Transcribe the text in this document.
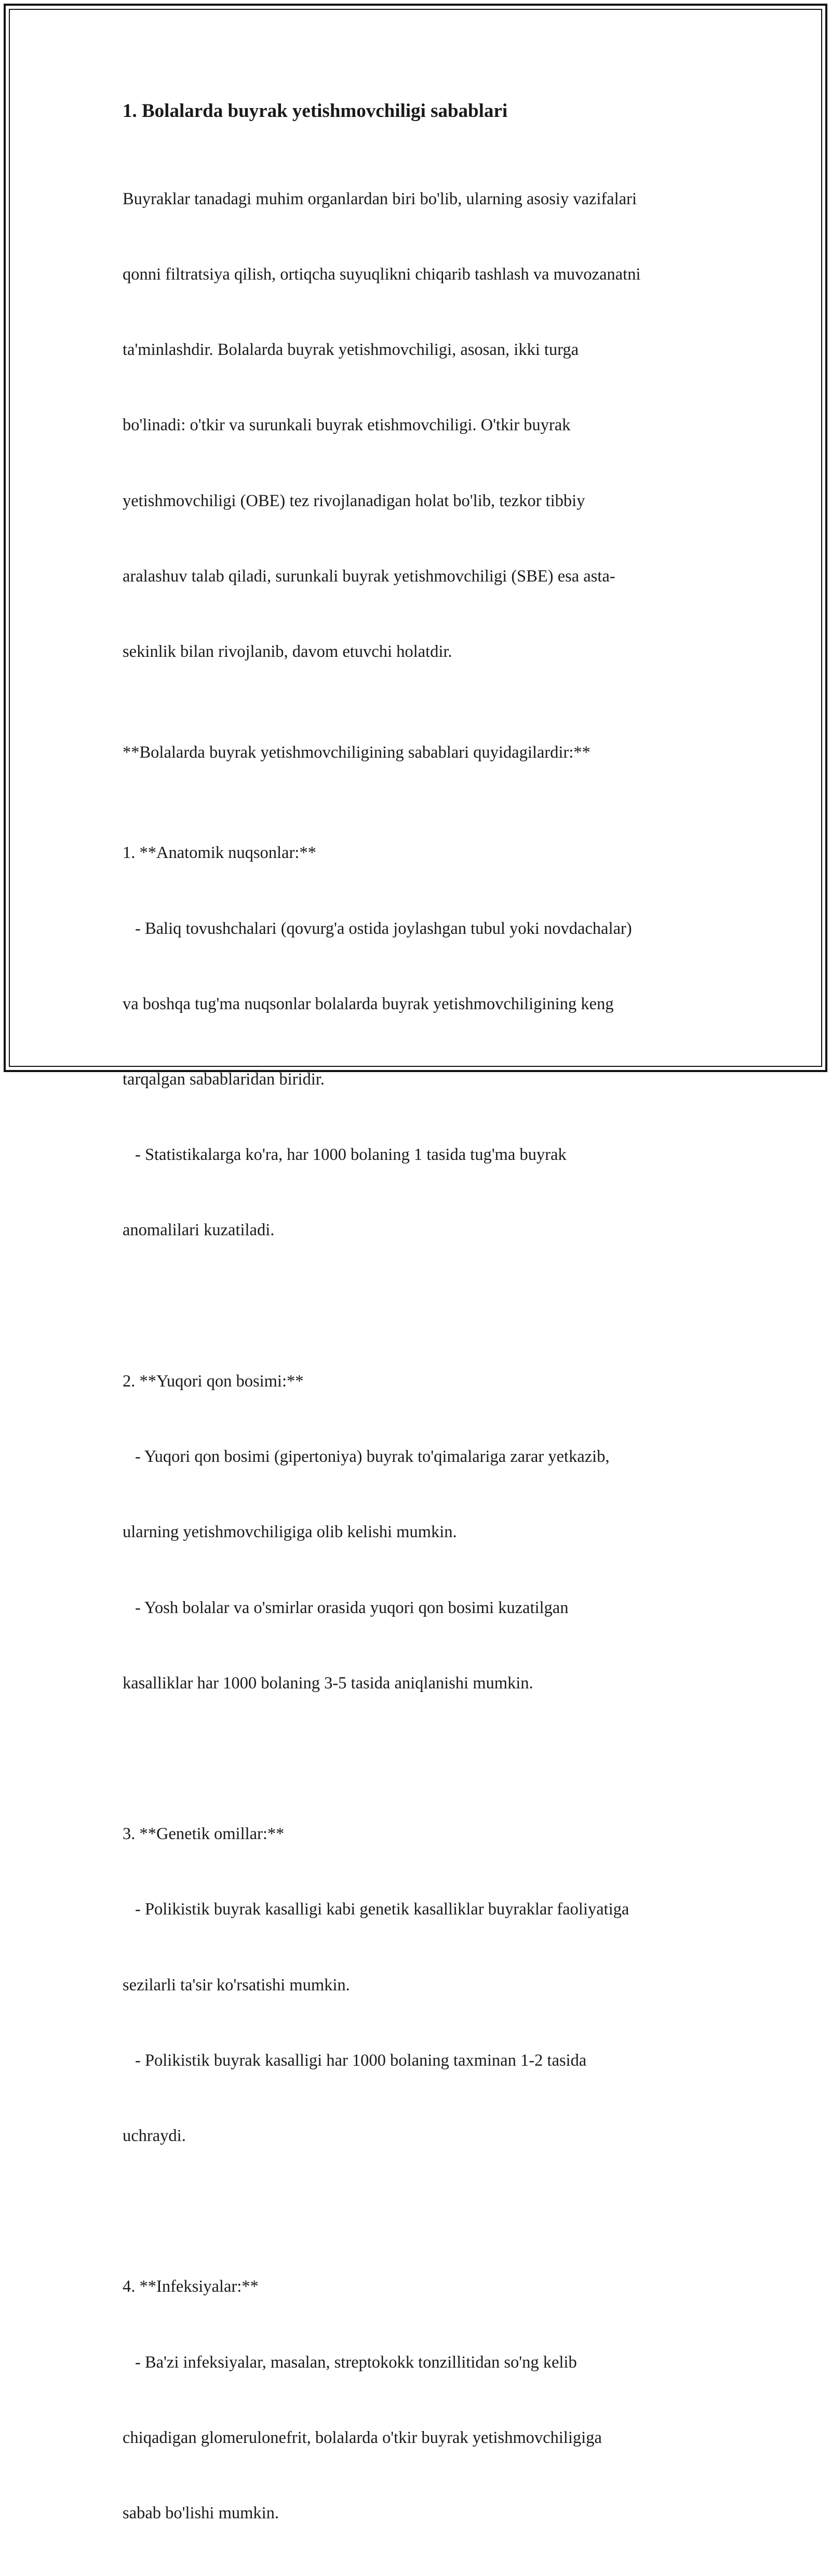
1. Bolalarda buyrak yetishmovchiligi sabablari

Buyraklar tanadagi muhim organlardan biri bo'lib, ularning asosiy vazifalari

qonni filtratsiya qilish, ortiqcha suyuqlikni chiqarib tashlash va muvozanatni

ta'minlashdir. Bolalarda buyrak yetishmovchiligi, asosan, ikki turga

bo'linadi: o'tkir va surunkali buyrak etishmovchiligi. O'tkir buyrak

yetishmovchiligi (OBE) tez rivojlanadigan holat bo'lib, tezkor tibbiy

aralashuv talab qiladi, surunkali buyrak yetishmovchiligi (SBE) esa asta-

sekinlik bilan rivojlanib, davom etuvchi holatdir.

**Bolalarda buyrak yetishmovchiligining sabablari quyidagilardir:**

1. **Anatomik nuqsonlar:**

- Baliq tovushchalari (qovurg'a ostida joylashgan tubul yoki novdachalar)

va boshqa tug'ma nuqsonlar bolalarda buyrak yetishmovchiligining keng

tarqalgan sabablaridan biridir.

- Statistikalarga ko'ra, har 1000 bolaning 1 tasida tug'ma buyrak

anomalilari kuzatiladi.

2. **Yuqori qon bosimi:**

- Yuqori qon bosimi (gipertoniya) buyrak to'qimalariga zarar yetkazib,

ularning yetishmovchiligiga olib kelishi mumkin.

- Yosh bolalar va o'smirlar orasida yuqori qon bosimi kuzatilgan

kasalliklar har 1000 bolaning 3-5 tasida aniqlanishi mumkin.

3. **Genetik omillar:**

- Polikistik buyrak kasalligi kabi genetik kasalliklar buyraklar faoliyatiga

sezilarli ta'sir ko'rsatishi mumkin.

- Polikistik buyrak kasalligi har 1000 bolaning taxminan 1-2 tasida

uchraydi.

4. **Infeksiyalar:**

- Ba'zi infeksiyalar, masalan, streptokokk tonzillitidan so'ng kelib

chiqadigan glomerulonefrit, bolalarda o'tkir buyrak yetishmovchiligiga

sabab bo'lishi mumkin.
